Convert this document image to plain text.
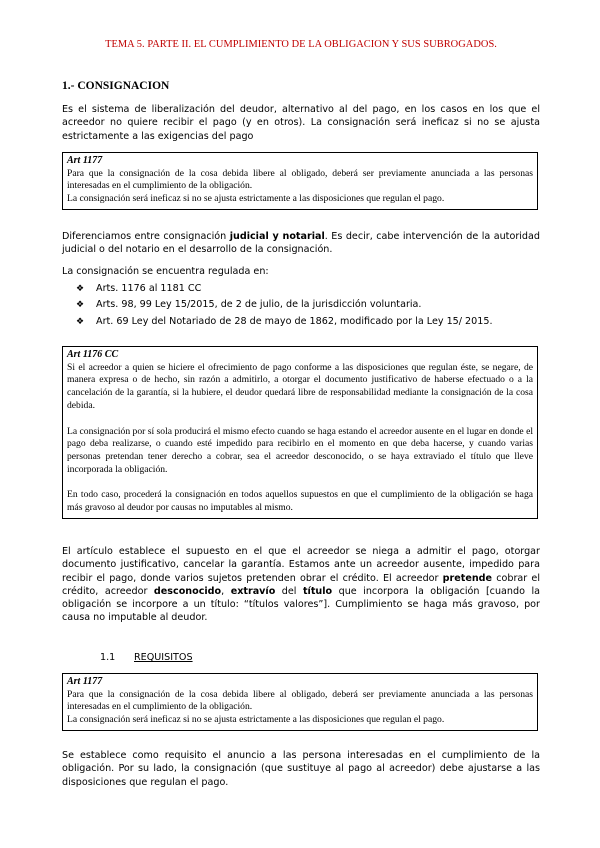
TEMA 5. PARTE II. EL CUMPLIMIENTO DE LA OBLIGACION Y SUS SUBROGADOS.
1.- CONSIGNACION

Es el sistema de liberalización del deudor, alternativo al del pago, en los casos en los que el acreedor no quiere recibir el pago (y en otros). La consignación será ineficaz si no se ajusta estrictamente a las exigencias del pago

Art 1177

Para que la consignación de la cosa debida libere al obligado, deberá ser previamente anunciada a las personas interesadas en el cumplimiento de la obligación.

La consignación será ineficaz si no se ajusta estrictamente a las disposiciones que regulan el pago.

Diferenciamos entre consignación judicial y notarial. Es decir, cabe intervención de la autoridad judicial o del notario en el desarrollo de la consignación.

La consignación se encuentra regulada en:

❖ Arts. 1176 al 1181 CC
❖ Arts. 98, 99 Ley 15/2015, de 2 de julio, de la jurisdicción voluntaria.
❖ Art. 69 Ley del Notariado de 28 de mayo de 1862, modificado por la Ley 15/ 2015.
Art 1176 CC

Si el acreedor a quien se hiciere el ofrecimiento de pago conforme a las disposiciones que regulan éste, se negare, de manera expresa o de hecho, sin razón a admitirlo, a otorgar el documento justificativo de haberse efectuado o a la cancelación de la garantía, si la hubiere, el deudor quedará libre de responsabilidad mediante la consignación de la cosa debida.

La consignación por sí sola producirá el mismo efecto cuando se haga estando el acreedor ausente en el lugar en donde el pago deba realizarse, o cuando esté impedido para recibirlo en el momento en que deba hacerse, y cuando varias personas pretendan tener derecho a cobrar, sea el acreedor desconocido, o se haya extraviado el título que lleve incorporada la obligación.

En todo caso, procederá la consignación en todos aquellos supuestos en que el cumplimiento de la obligación se haga más gravoso al deudor por causas no imputables al mismo.

El artículo establece el supuesto en el que el acreedor se niega a admitir el pago, otorgar documento justificativo, cancelar la garantía. Estamos ante un acreedor ausente, impedido para recibir el pago, donde varios sujetos pretenden obrar el crédito. El acreedor pretende cobrar el crédito, acreedor desconocido, extravío del título que incorpora la obligación [cuando la obligación se incorpore a un título: “títulos valores”]. Cumplimiento se haga más gravoso, por causa no imputable al deudor.

1.1 REQUISITOS
Art 1177

Para que la consignación de la cosa debida libere al obligado, deberá ser previamente anunciada a las personas interesadas en el cumplimiento de la obligación.

La consignación será ineficaz si no se ajusta estrictamente a las disposiciones que regulan el pago.

Se establece como requisito el anuncio a las persona interesadas en el cumplimiento de la obligación. Por su lado, la consignación (que sustituye al pago al acreedor) debe ajustarse a las disposiciones que regulan el pago.
